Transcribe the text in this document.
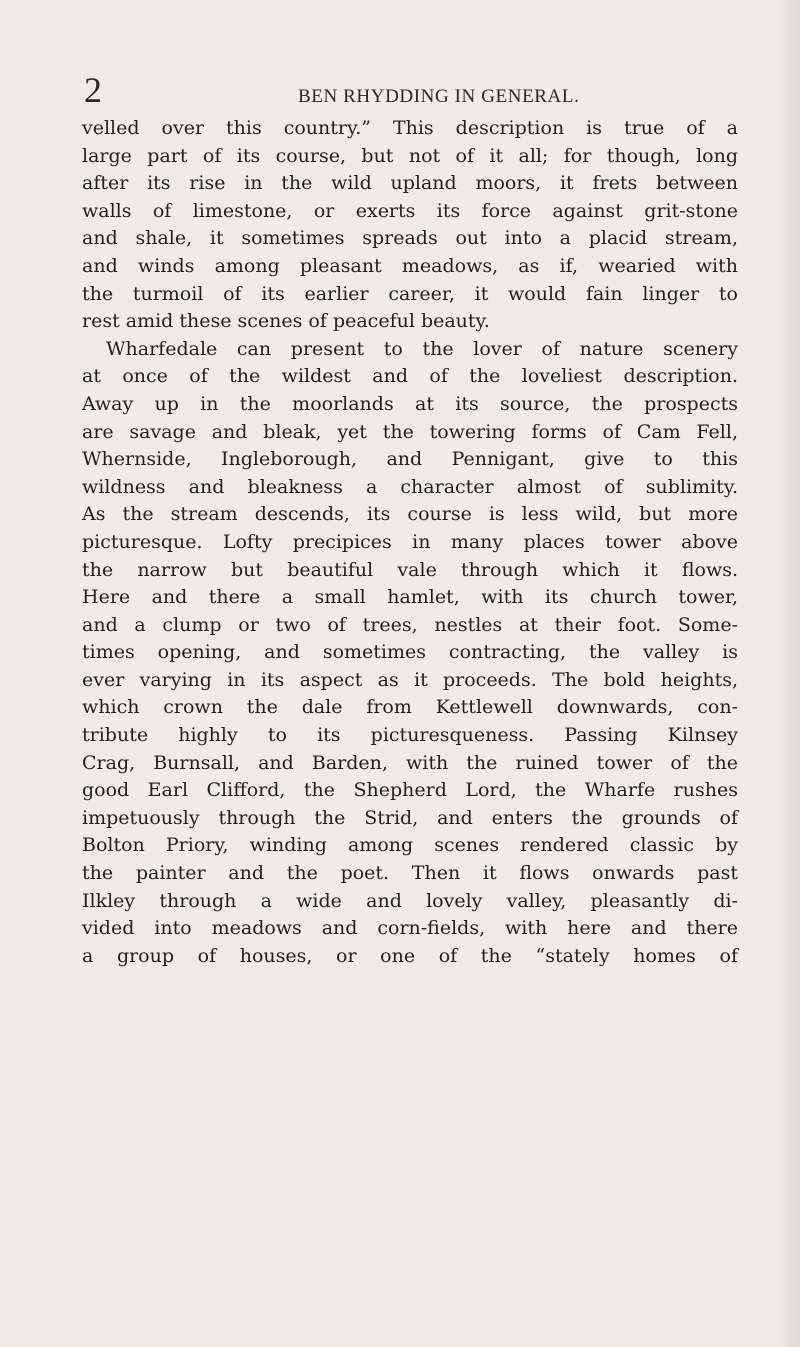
2	BEN RHYDDING IN GENERAL.
velled over this country.” This description is true of a
large part of its course, but not of it all; for though, long
after its rise in the wild upland moors, it frets between
walls of limestone, or exerts its force against grit-stone
and shale, it sometimes spreads out into a placid stream,
and winds among pleasant meadows, as if, wearied with
the turmoil of its earlier career, it would fain linger to
rest amid these scenes of peaceful beauty.
Wharfedale can present to the lover of nature scenery
at once of the wildest and of the loveliest description.
Away up in the moorlands at its source, the prospects
are savage and bleak, yet the towering forms of Cam Fell,
Whernside, Ingleborough, and Pennigant, give to this
wildness and bleakness a character almost of sublimity.
As the stream descends, its course is less wild, but more
picturesque. Lofty precipices in many places tower above
the narrow but beautiful vale through which it flows.
Here and there a small hamlet, with its church tower,
and a clump or two of trees, nestles at their foot. Some-
times opening, and sometimes contracting, the valley is
ever varying in its aspect as it proceeds. The bold heights,
which crown the dale from Kettlewell downwards, con-
tribute highly to its picturesqueness. Passing Kilnsey
Crag, Burnsall, and Barden, with the ruined tower of the
good Earl Clifford, the Shepherd Lord, the Wharfe rushes
impetuously through the Strid, and enters the grounds of
Bolton Priory, winding among scenes rendered classic by
the painter and the poet. Then it flows onwards past
Ilkley through a wide and lovely valley, pleasantly di-
vided into meadows and corn-fields, with here and there
a group of houses, or one of the “stately homes of
